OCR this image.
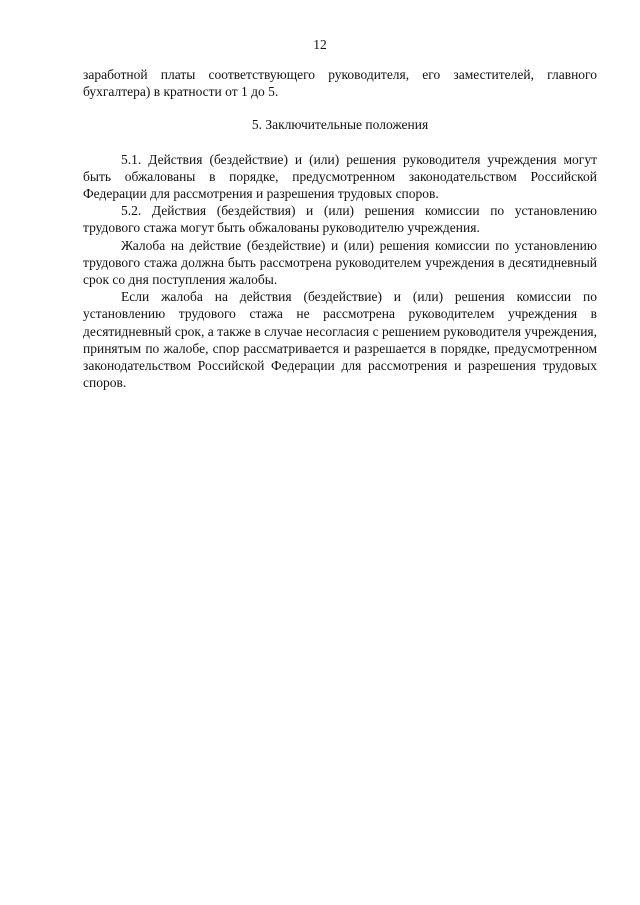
12

заработной платы соответствующего руководителя, его заместителей, главного бухгалтера) в кратности от 1 до 5.

5. Заключительные положения

5.1. Действия (бездействие) и (или) решения руководителя учреждения могут быть обжалованы в порядке, предусмотренном законодательством Российской Федерации для рассмотрения и разрешения трудовых споров.

5.2. Действия (бездействия) и (или) решения комиссии по установлению трудового стажа могут быть обжалованы руководителю учреждения.

Жалоба на действие (бездействие) и (или) решения комиссии по установлению трудового стажа должна быть рассмотрена руководителем учреждения в десятидневный срок со дня поступления жалобы.

Если жалоба на действия (бездействие) и (или) решения комиссии по установлению трудового стажа не рассмотрена руководителем учреждения в десятидневный срок, а также в случае несогласия с решением руководителя учреждения, принятым по жалобе, спор рассматривается и разрешается в порядке, предусмотренном законодательством Российской Федерации для рассмотрения и разрешения трудовых споров.
